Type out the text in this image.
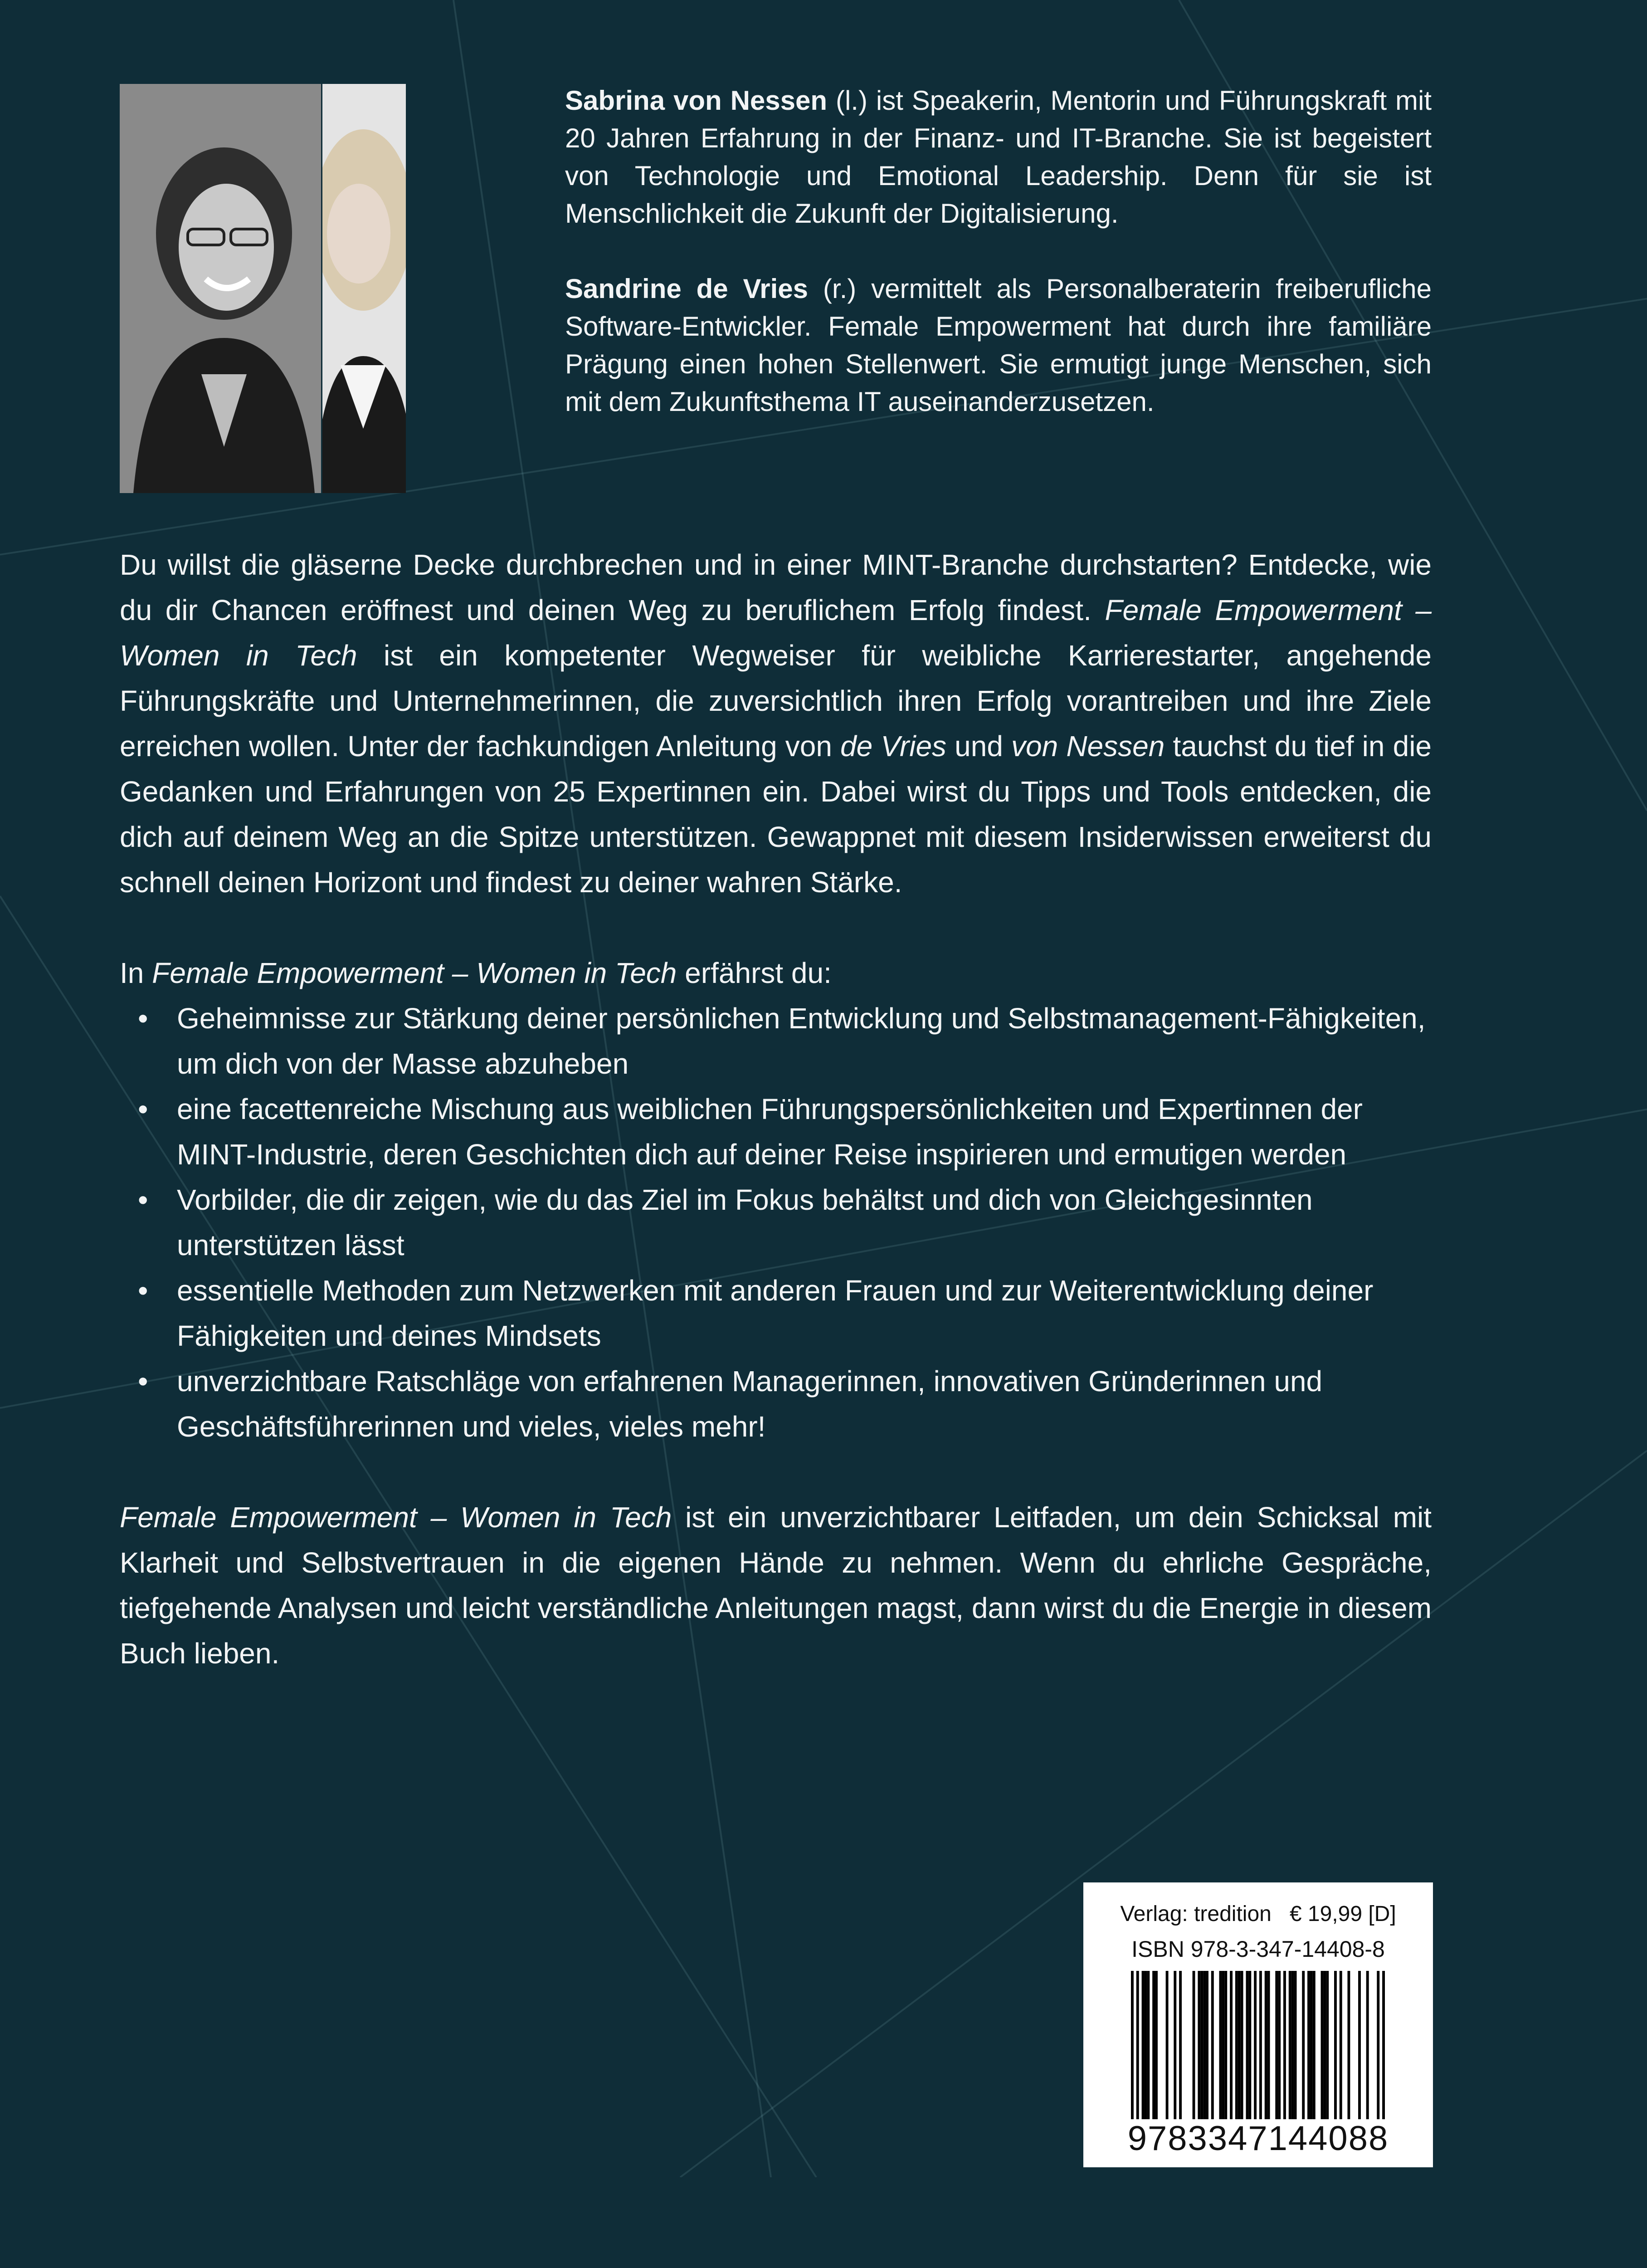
Sabrina von Nessen (l.) ist Speakerin, Mentorin und Führungskraft mit 20 Jahren Erfahrung in der Finanz- und IT-Branche. Sie ist begeistert von Technologie und Emotional Leadership. Denn für sie ist Menschlichkeit die Zukunft der Digitalisierung.

Sandrine de Vries (r.) vermittelt als Personalberaterin freiberufliche Software-Entwickler. Female Empowerment hat durch ihre familiäre Prägung einen hohen Stellenwert. Sie ermutigt junge Menschen, sich mit dem Zukunftsthema IT auseinanderzusetzen.

Du willst die gläserne Decke durchbrechen und in einer MINT-Branche durchstarten? Entdecke, wie du dir Chancen eröffnest und deinen Weg zu beruflichem Erfolg findest. Female Empowerment – Women in Tech ist ein kompetenter Wegweiser für weibliche Karrierestarter, angehende Führungskräfte und Unternehmerinnen, die zuversichtlich ihren Erfolg vorantreiben und ihre Ziele erreichen wollen. Unter der fachkundigen Anleitung von de Vries und von Nessen tauchst du tief in die Gedanken und Erfahrungen von 25 Expertinnen ein. Dabei wirst du Tipps und Tools entdecken, die dich auf deinem Weg an die Spitze unterstützen. Gewappnet mit diesem Insiderwissen erweiterst du schnell deinen Horizont und findest zu deiner wahren Stärke.

In Female Empowerment – Women in Tech erfährst du:
• Geheimnisse zur Stärkung deiner persönlichen Entwicklung und Selbstmanagement-Fähigkeiten, um dich von der Masse abzuheben
• eine facettenreiche Mischung aus weiblichen Führungspersönlichkeiten und Expertinnen der MINT-Industrie, deren Geschichten dich auf deiner Reise inspirieren und ermutigen werden
• Vorbilder, die dir zeigen, wie du das Ziel im Fokus behältst und dich von Gleichgesinnten unterstützen lässt
• essentielle Methoden zum Netzwerken mit anderen Frauen und zur Weiterentwicklung deiner Fähigkeiten und deines Mindsets
• unverzichtbare Ratschläge von erfahrenen Managerinnen, innovativen Gründerinnen und Geschäftsführerinnen und vieles, vieles mehr!

Female Empowerment – Women in Tech ist ein unverzichtbarer Leitfaden, um dein Schicksal mit Klarheit und Selbstvertrauen in die eigenen Hände zu nehmen. Wenn du ehrliche Gespräche, tiefgehende Analysen und leicht verständliche Anleitungen magst, dann wirst du die Energie in diesem Buch lieben.

Verlag: tredition   € 19,99 [D]
ISBN 978-3-347-14408-8
9783347144088
